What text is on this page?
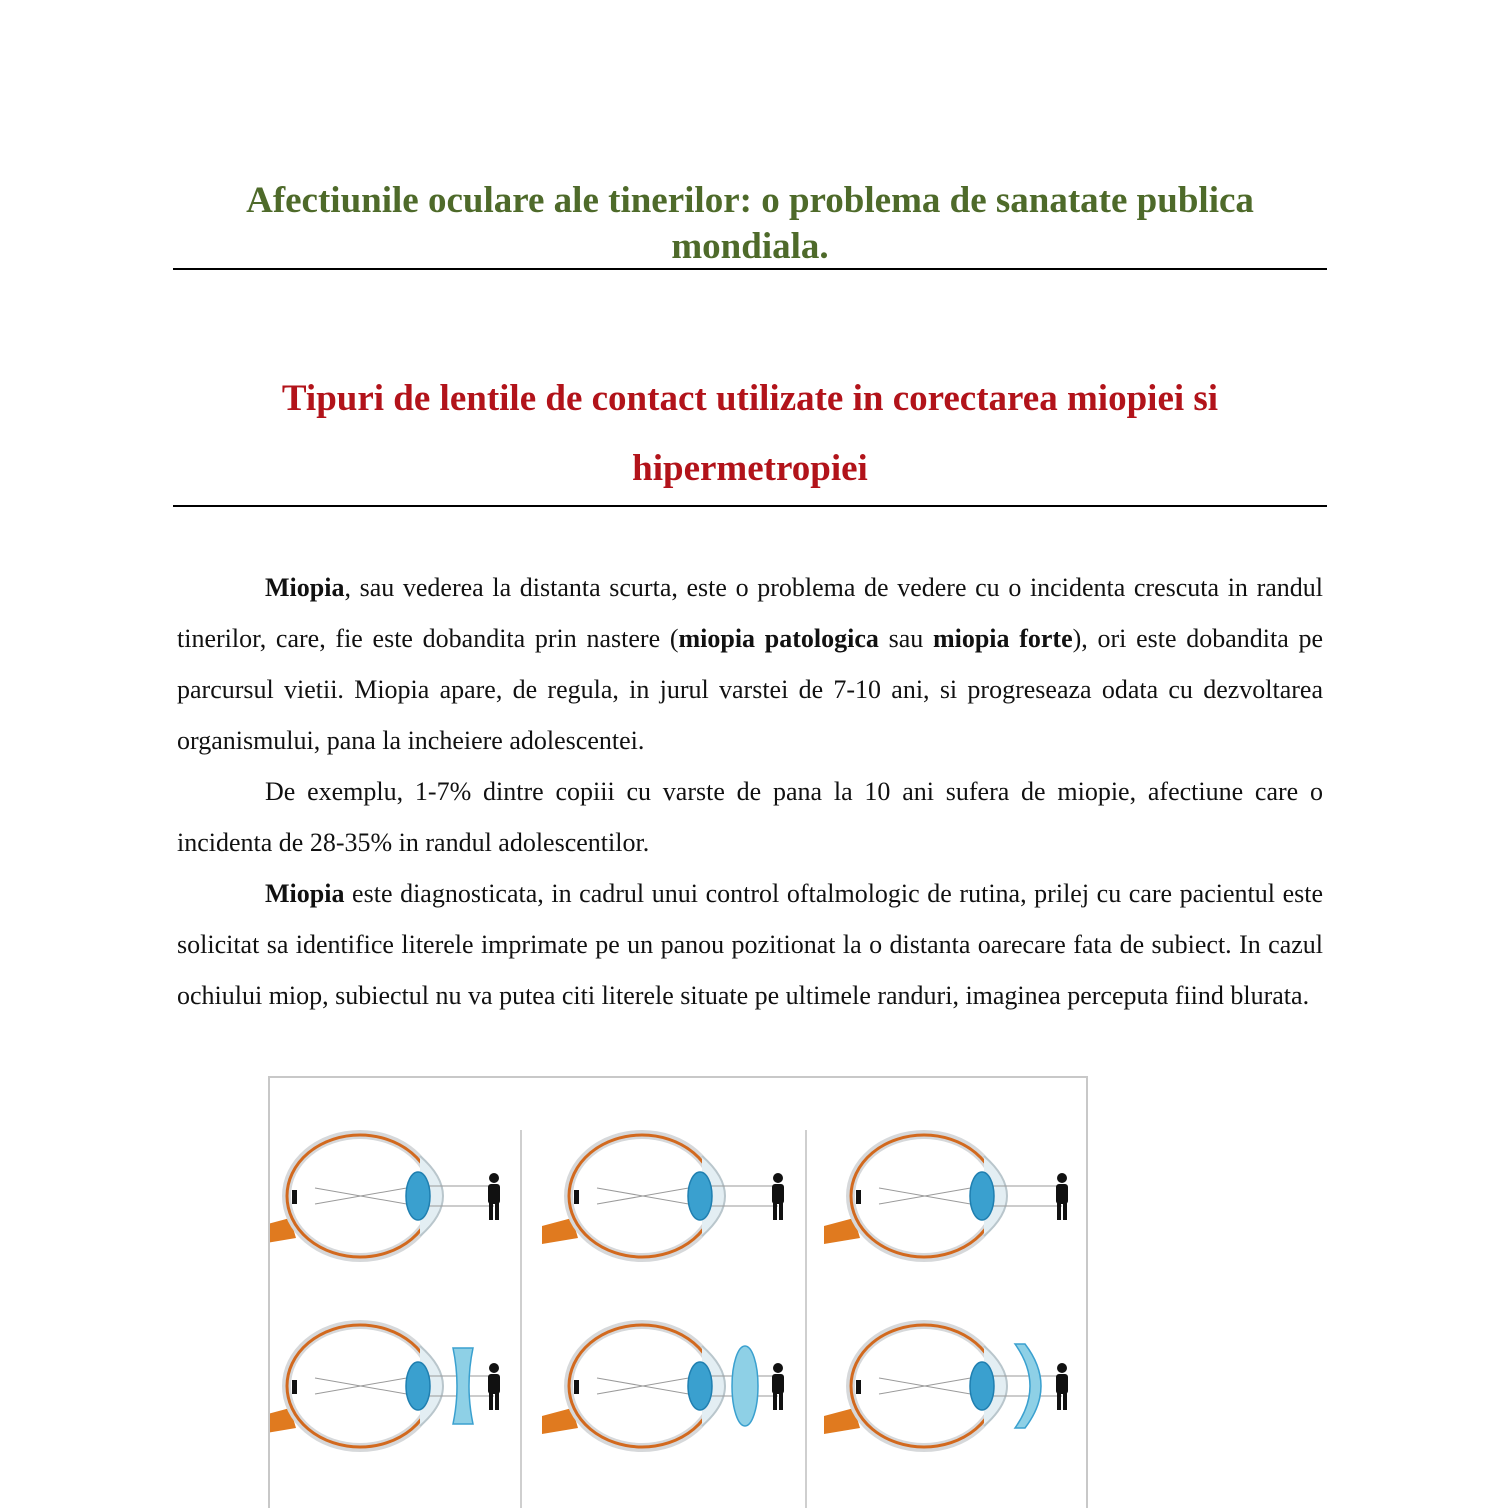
Afectiunile oculare ale tinerilor: o problema de sanatate publica mondiala.
Tipuri de lentile de contact utilizate in corectarea miopiei si hipermetropiei

Miopia, sau vederea la distanta scurta, este o problema de vedere cu o incidenta crescuta in randul tinerilor, care, fie este dobandita prin nastere (miopia patologica sau miopia forte), ori este dobandita pe parcursul vietii. Miopia apare, de regula, in jurul varstei de 7-10 ani, si progreseaza odata cu dezvoltarea organismului, pana la incheiere adolescentei.

De exemplu, 1-7% dintre copiii cu varste de pana la 10 ani sufera de miopie, afectiune care o incidenta de 28-35% in randul adolescentilor.

Miopia este diagnosticata, in cadrul unui control oftalmologic de rutina, prilej cu care pacientul este solicitat sa identifice literele imprimate pe un panou pozitionat la o distanta oarecare fata de subiect. In cazul ochiului miop, subiectul nu va putea citi literele situate pe ultimele randuri, imaginea perceputa fiind blurata.
